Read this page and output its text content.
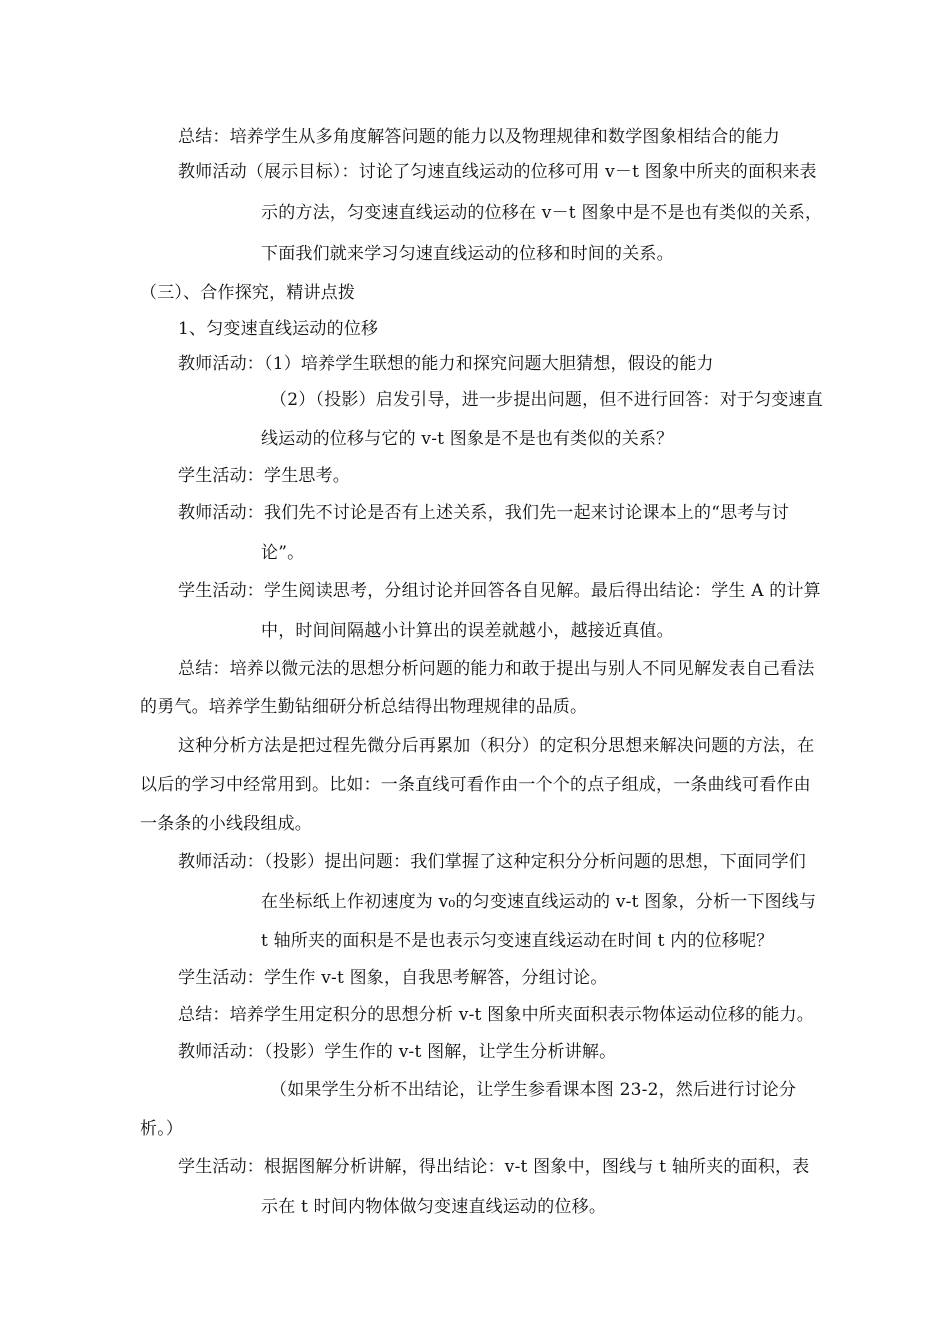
总结：培养学生从多角度解答问题的能力以及物理规律和数学图象相结合的能力
教师活动（展示目标）：讨论了匀速直线运动的位移可用 v－t 图象中所夹的面积来表
示的方法，匀变速直线运动的位移在 v－t 图象中是不是也有类似的关系，
下面我们就来学习匀速直线运动的位移和时间的关系。
（三）、合作探究，精讲点拨
1、匀变速直线运动的位移
教师活动：（1）培养学生联想的能力和探究问题大胆猜想，假设的能力
（2）（投影）启发引导，进一步提出问题，但不进行回答：对于匀变速直
线运动的位移与它的 v-t 图象是不是也有类似的关系？
学生活动：学生思考。
教师活动：我们先不讨论是否有上述关系，我们先一起来讨论课本上的“思考与讨
论”。
学生活动：学生阅读思考，分组讨论并回答各自见解。最后得出结论：学生 A 的计算
中，时间间隔越小计算出的误差就越小，越接近真值。
总结：培养以微元法的思想分析问题的能力和敢于提出与别人不同见解发表自己看法
的勇气。培养学生勤钻细研分析总结得出物理规律的品质。
这种分析方法是把过程先微分后再累加（积分）的定积分思想来解决问题的方法，在
以后的学习中经常用到。比如：一条直线可看作由一个个的点子组成，一条曲线可看作由
一条条的小线段组成。
教师活动：（投影）提出问题：我们掌握了这种定积分分析问题的思想，下面同学们
在坐标纸上作初速度为 v₀的匀变速直线运动的 v-t 图象，分析一下图线与
t 轴所夹的面积是不是也表示匀变速直线运动在时间 t 内的位移呢？
学生活动：学生作 v-t 图象，自我思考解答，分组讨论。
总结：培养学生用定积分的思想分析 v-t 图象中所夹面积表示物体运动位移的能力。
教师活动：（投影）学生作的 v-t 图解，让学生分析讲解。
（如果学生分析不出结论，让学生参看课本图 23-2，然后进行讨论分
析。）
学生活动：根据图解分析讲解，得出结论：v-t 图象中，图线与 t 轴所夹的面积，表
示在 t 时间内物体做匀变速直线运动的位移。
